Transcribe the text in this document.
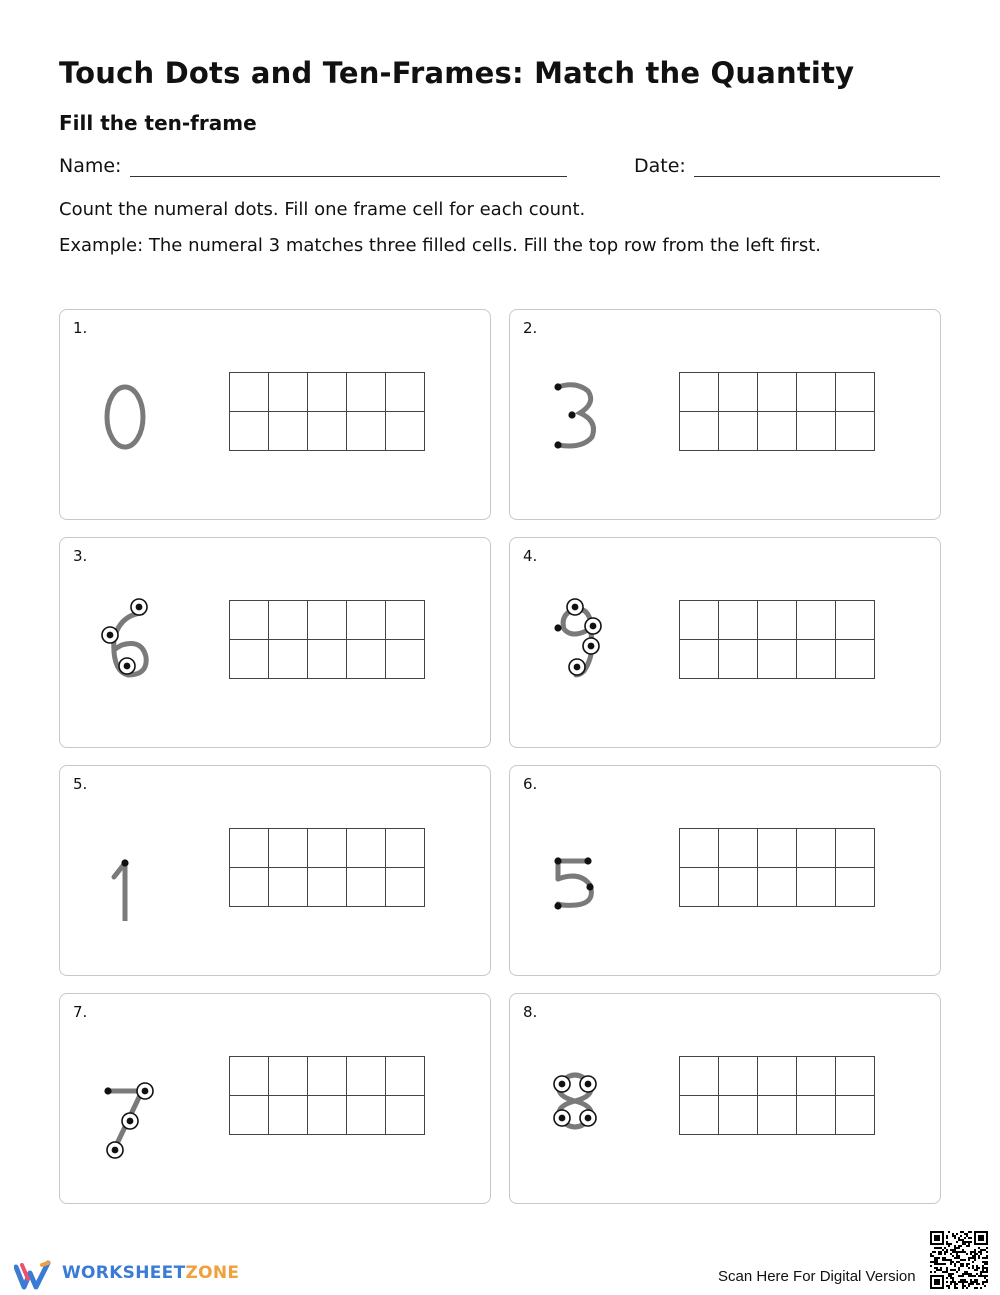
Touch Dots and Ten-Frames: Match the Quantity
Fill the ten-frame
Name:	Date:
Count the numeral dots. Fill one frame cell for each count.
Example: The numeral 3 matches three filled cells. Fill the top row from the left first.
1.	2.
3.	4.
5.	6.
7.	8.
WORKSHEETZONE	Scan Here For Digital Version
